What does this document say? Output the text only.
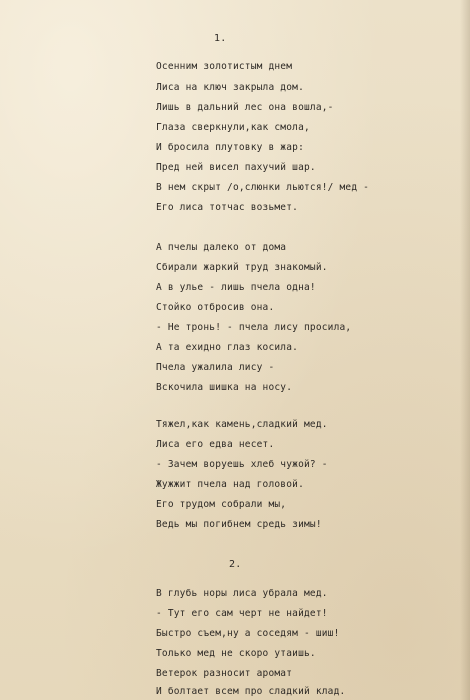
1.
Осенним золотистым днем
Лиса на ключ закрыла дом.
Лишь в дальний лес она вошла,-
Глаза сверкнули,как смола,
И бросила плутовку в жар:
Пред ней висел пахучий шар.
В нем скрыт /о,слюнки льются!/ мед -
Его лиса тотчас возьмет.
А пчелы далеко от дома
Сбирали жаркий труд знакомый.
А в улье - лишь пчела одна!
Стойко отбросив она.
- Не тронь! - пчела лису просила,
А та ехидно глаз косила.
Пчела ужалила лису -
Вскочила шишка на носу.
Тяжел,как камень,сладкий мед.
Лиса его едва несет.
- Зачем воруешь хлеб чужой? -
Жужжит пчела над головой.
Его трудом собрали мы,
Ведь мы погибнем средь зимы!
2.
В глубь норы лиса убрала мед.
- Тут его сам черт не найдет!
Быстро съем,ну а соседям - шиш!
Только мед не скоро утаишь.
Ветерок разносит аромат
И болтает всем про сладкий клад.
